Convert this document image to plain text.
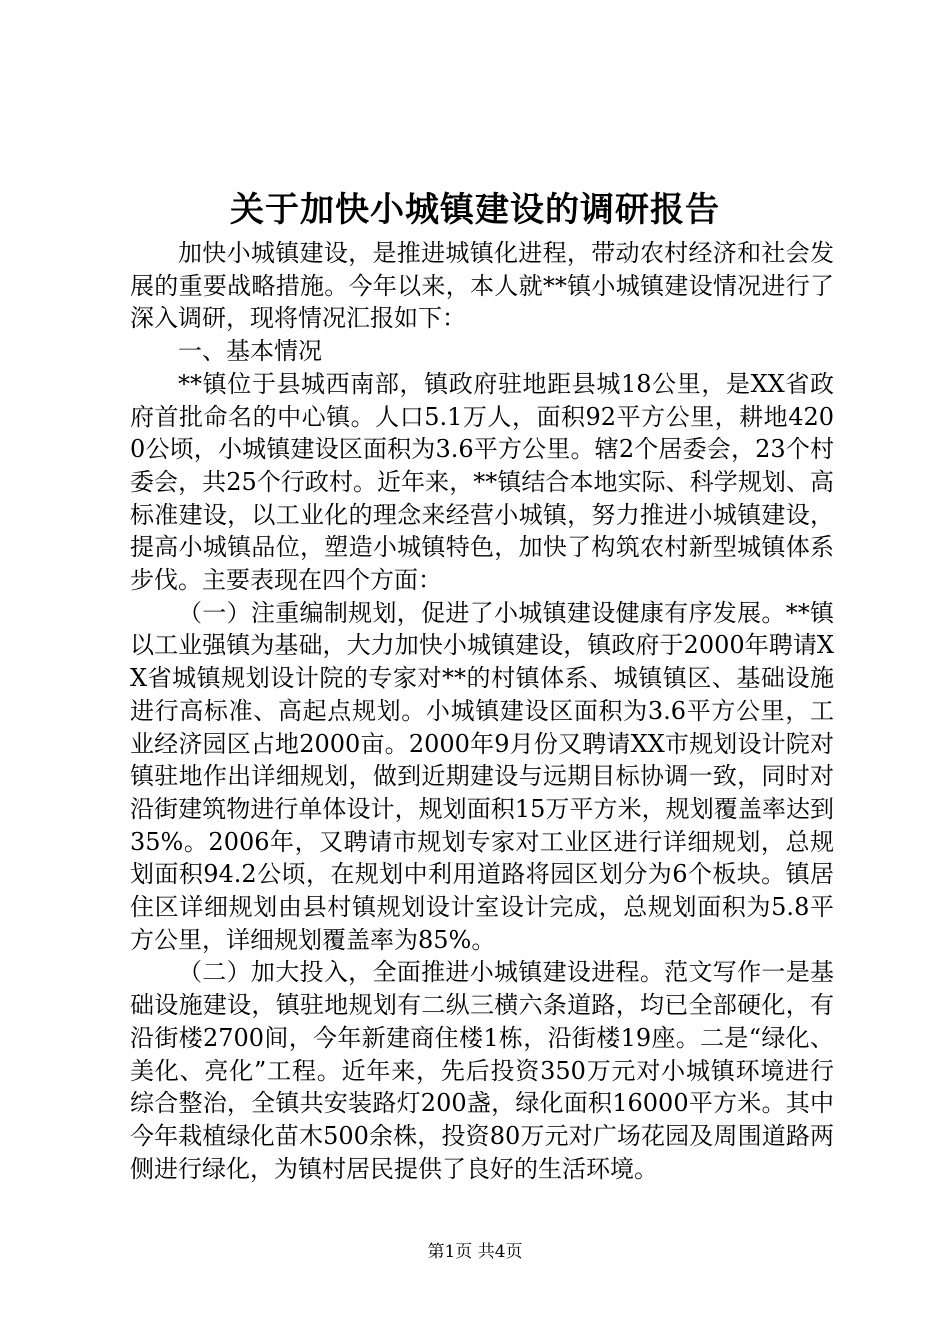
关于加快小城镇建设的调研报告

加快小城镇建设，是推进城镇化进程，带动农村经济和社会发展的重要战略措施。今年以来，本人就**镇小城镇建设情况进行了深入调研，现将情况汇报如下：

一、基本情况

**镇位于县城西南部，镇政府驻地距县城18公里，是XX省政府首批命名的中心镇。人口5.1万人，面积92平方公里，耕地4200公顷，小城镇建设区面积为3.6平方公里。辖2个居委会，23个村委会，共25个行政村。近年来，**镇结合本地实际、科学规划、高标准建设，以工业化的理念来经营小城镇，努力推进小城镇建设，提高小城镇品位，塑造小城镇特色，加快了构筑农村新型城镇体系步伐。主要表现在四个方面：

（一）注重编制规划，促进了小城镇建设健康有序发展。**镇以工业强镇为基础，大力加快小城镇建设，镇政府于2000年聘请XX省城镇规划设计院的专家对**的村镇体系、城镇镇区、基础设施进行高标准、高起点规划。小城镇建设区面积为3.6平方公里，工业经济园区占地2000亩。2000年9月份又聘请XX市规划设计院对镇驻地作出详细规划，做到近期建设与远期目标协调一致，同时对沿街建筑物进行单体设计，规划面积15万平方米，规划覆盖率达到35%。2006年，又聘请市规划专家对工业区进行详细规划，总规划面积94.2公顷，在规划中利用道路将园区划分为6个板块。镇居住区详细规划由县村镇规划设计室设计完成，总规划面积为5.8平方公里，详细规划覆盖率为85%。

（二）加大投入，全面推进小城镇建设进程。范文写作一是基础设施建设，镇驻地规划有二纵三横六条道路，均已全部硬化，有沿街楼2700间，今年新建商住楼1栋，沿街楼19座。二是“绿化、美化、亮化”工程。近年来，先后投资350万元对小城镇环境进行综合整治，全镇共安装路灯200盏，绿化面积16000平方米。其中今年栽植绿化苗木500余株，投资80万元对广场花园及周围道路两侧进行绿化，为镇村居民提供了良好的生活环境。

第1页 共4页
